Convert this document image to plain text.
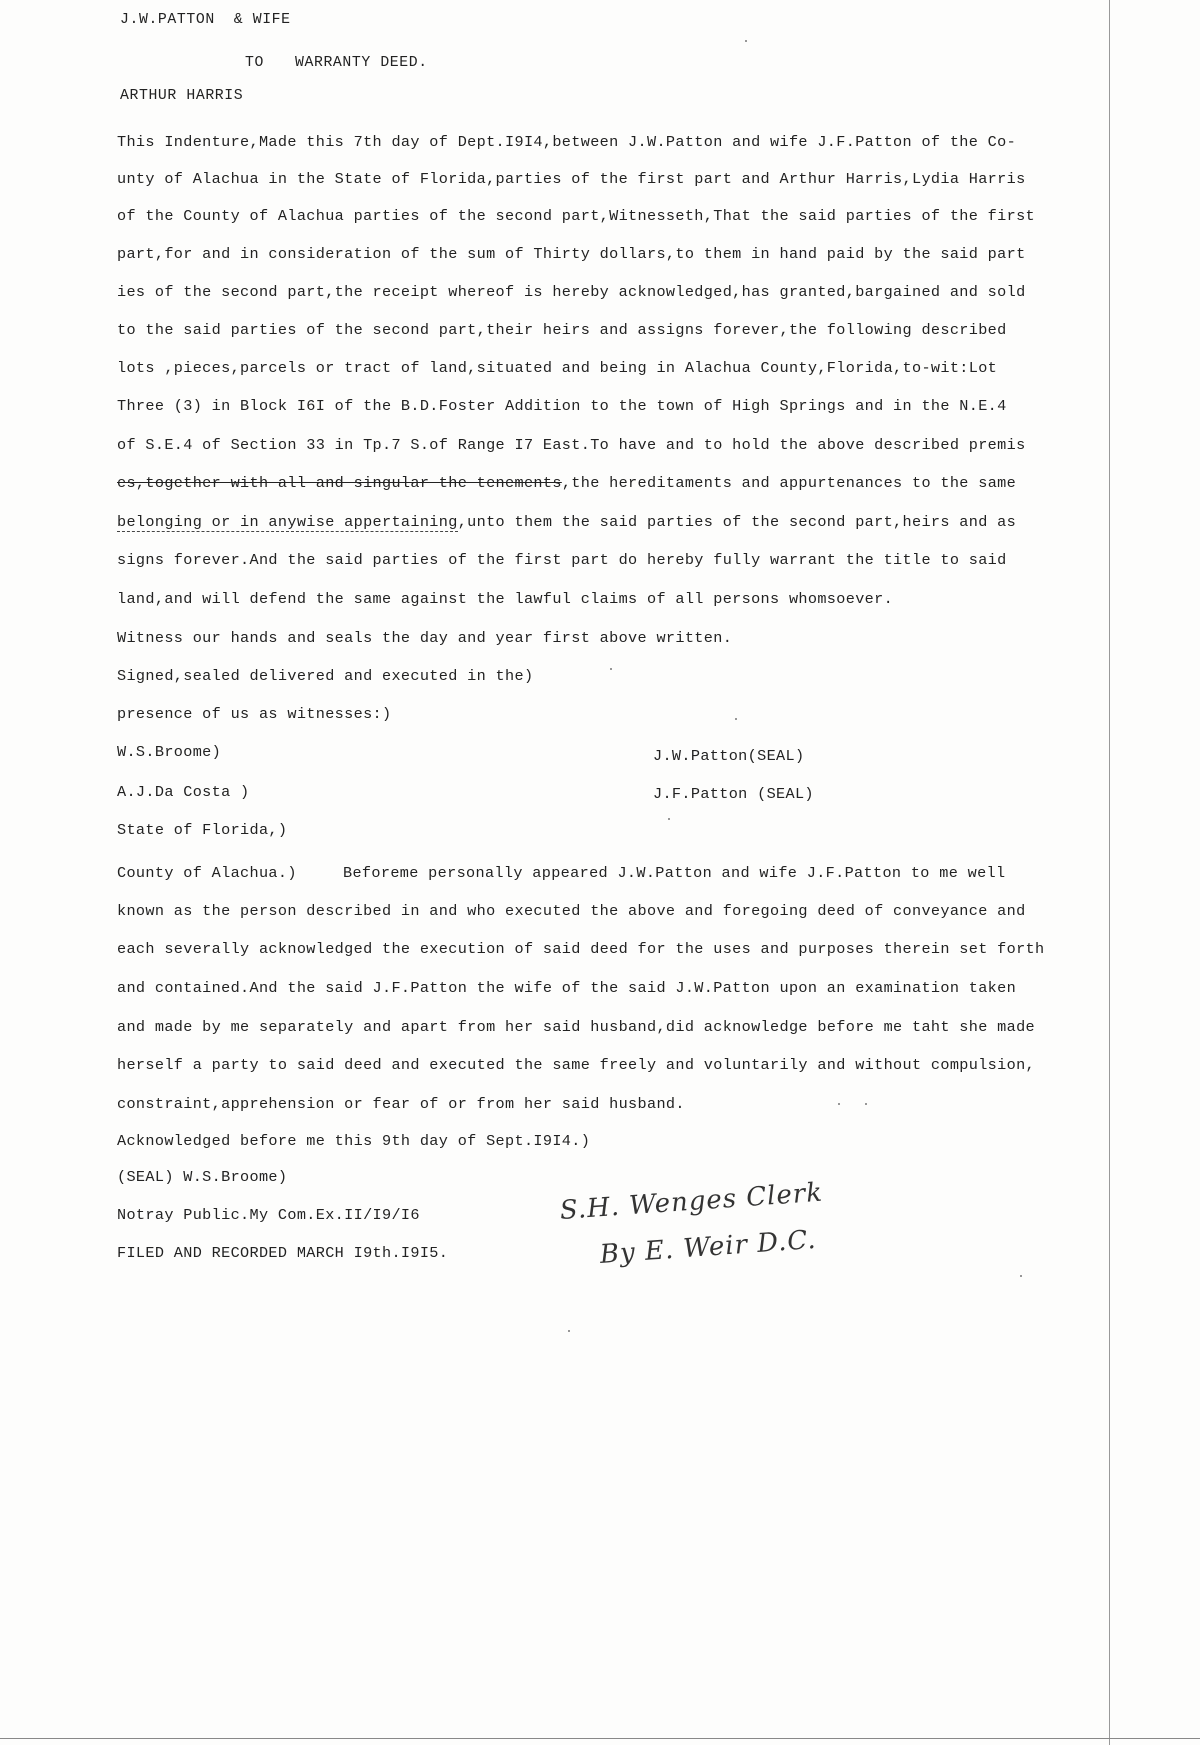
J.W.PATTON  & WIFE
TO WARRANTY DEED.
ARTHUR HARRIS
This Indenture,Made this 7th day of Dept.I9I4,between J.W.Patton and wife J.F.Patton of the Co-
unty of Alachua in the State of Florida,parties of the first part and Arthur Harris,Lydia Harris
of the County of Alachua parties of the second part,Witnesseth,That the said parties of the first
part,for and in consideration of the sum of Thirty dollars,to them in hand paid by the said part
ies of the second part,the receipt whereof is hereby acknowledged,has granted,bargained and sold
to the said parties of the second part,their heirs and assigns forever,the following described
lots ,pieces,parcels or tract of land,situated and being in Alachua County,Florida,to-wit:Lot
Three (3) in Block I6I of the B.D.Foster Addition to the town of High Springs and in the N.E.4
of S.E.4 of Section 33 in Tp.7 S.of Range I7 East.To have and to hold the above described premis
es,together with all and singular the tenements,the hereditaments and appurtenances to the same
belonging or in anywise appertaining,unto them the said parties of the second part,heirs and as
signs forever.And the said parties of the first part do hereby fully warrant the title to said
land,and will defend the same against the lawful claims of all persons whomsoever.
Witness our hands and seals the day and year first above written.
Signed,sealed delivered and executed in the)
presence of us as witnesses:)
W.S.Broome)	J.W.Patton(SEAL)
A.J.Da Costa )	J.F.Patton (SEAL)
State of Florida,)
County of Alachua.)	Beforeme personally appeared J.W.Patton and wife J.F.Patton to me well
known as the person described in and who executed the above and foregoing deed of conveyance and
each severally acknowledged the execution of said deed for the uses and purposes therein set forth
and contained.And the said J.F.Patton the wife of the said J.W.Patton upon an examination taken
and made by me separately and apart from her said husband,did acknowledge before me taht she made
herself a party to said deed and executed the same freely and voluntarily and without compulsion,
constraint,apprehension or fear of or from her said husband.
Acknowledged before me this 9th day of Sept.I9I4.)
(SEAL) W.S.Broome)
Notray Public.My Com.Ex.II/I9/I6
FILED AND RECORDED MARCH I9th.I9I5.
S.H. Wenges Clerk
By E. Weir D.C.
